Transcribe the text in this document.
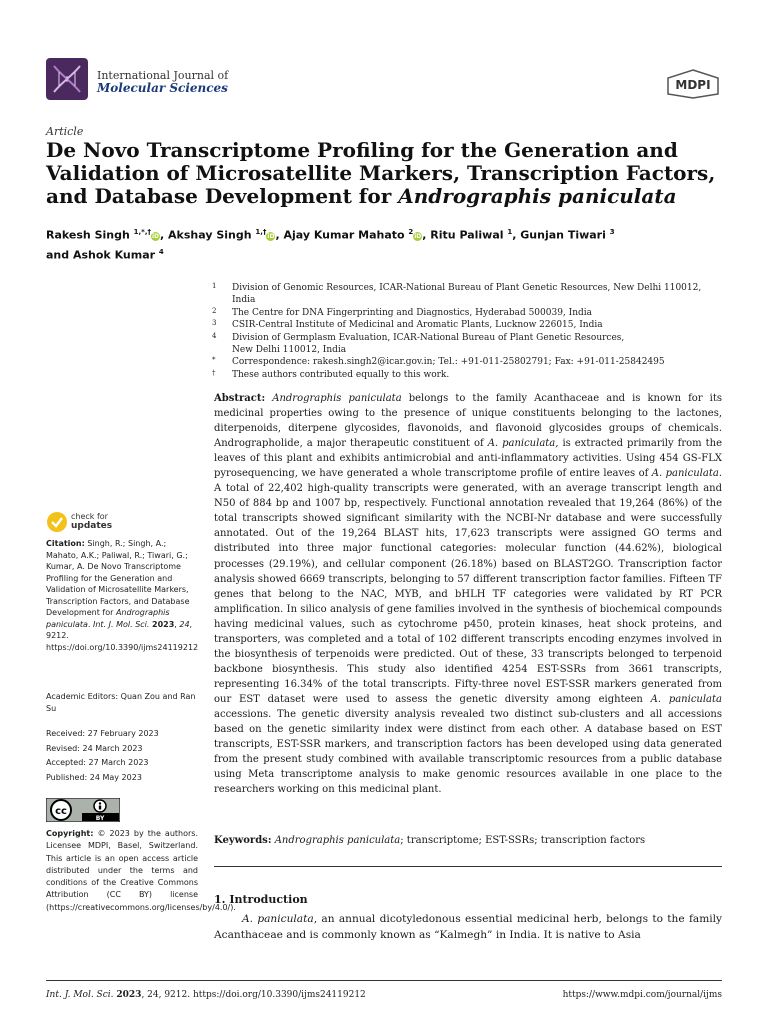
International Journal of
Molecular Sciences	MDPI
Article
De Novo Transcriptome Profiling for the Generation and Validation of Microsatellite Markers, Transcription Factors, and Database Development for Andrographis paniculata
Rakesh Singh $^{1,*,\dagger}$iD, Akshay Singh $^{1,\dagger}$iD, Ajay Kumar Mahato $^2$iD, Ritu Paliwal $^1$, Gunjan Tiwari $^3$
and Ashok Kumar $^4$
1 Division of Genomic Resources, ICAR-National Bureau of Plant Genetic Resources, New Delhi 110012, India
2 The Centre for DNA Fingerprinting and Diagnostics, Hyderabad 500039, India
3 CSIR-Central Institute of Medicinal and Aromatic Plants, Lucknow 226015, India
4 Division of Germplasm Evaluation, ICAR-National Bureau of Plant Genetic Resources,
New Delhi 110012, India
* Correspondence: rakesh.singh2@icar.gov.in; Tel.: +91-011-25802791; Fax: +91-011-25842495
† These authors contributed equally to this work.
Abstract: Andrographis paniculata belongs to the family Acanthaceae and is known for its medicinal properties owing to the presence of unique constituents belonging to the lactones, diterpenoids, diterpene glycosides, flavonoids, and flavonoid glycosides groups of chemicals. Andrographolide, a major therapeutic constituent of A. paniculata, is extracted primarily from the leaves of this plant and exhibits antimicrobial and anti-inflammatory activities. Using 454 GS-FLX pyrosequencing, we have generated a whole transcriptome profile of entire leaves of A. paniculata. A total of 22,402 high-quality transcripts were generated, with an average transcript length and N50 of 884 bp and 1007 bp, respectively. Functional annotation revealed that 19,264 (86%) of the total transcripts showed significant similarity with the NCBI-Nr database and were successfully annotated. Out of the 19,264 BLAST hits, 17,623 transcripts were assigned GO terms and distributed into three major functional categories: molecular function (44.62%), biological processes (29.19%), and cellular component (26.18%) based on BLAST2GO. Transcription factor analysis showed 6669 transcripts, belonging to 57 different transcription factor families. Fifteen TF genes that belong to the NAC, MYB, and bHLH TF categories were validated by RT PCR amplification. In silico analysis of gene families involved in the synthesis of biochemical compounds having medicinal values, such as cytochrome p450, protein kinases, heat shock proteins, and transporters, was completed and a total of 102 different transcripts encoding enzymes involved in the biosynthesis of terpenoids were predicted. Out of these, 33 transcripts belonged to terpenoid backbone biosynthesis. This study also identified 4254 EST-SSRs from 3661 transcripts, representing 16.34% of the total transcripts. Fifty-three novel EST-SSR markers generated from our EST dataset were used to assess the genetic diversity among eighteen A. paniculata accessions. The genetic diversity analysis revealed two distinct sub-clusters and all accessions based on the genetic similarity index were distinct from each other. A database based on EST transcripts, EST-SSR markers, and transcription factors has been developed using data generated from the present study combined with available transcriptomic resources from a public database using Meta transcriptome analysis to make genomic resources available in one place to the researchers working on this medicinal plant.
Keywords: Andrographis paniculata; transcriptome; EST-SSRs; transcription factors
1. Introduction
A. paniculata, an annual dicotyledonous essential medicinal herb, belongs to the family Acanthaceae and is commonly known as “Kalmegh” in India. It is native to Asia
check for
updates
Citation: Singh, R.; Singh, A.; Mahato, A.K.; Paliwal, R.; Tiwari, G.; Kumar, A. De Novo Transcriptome Profiling for the Generation and Validation of Microsatellite Markers, Transcription Factors, and Database Development for Andrographis paniculata. Int. J. Mol. Sci. 2023, 24, 9212. https://doi.org/10.3390/ijms24119212
Academic Editors: Quan Zou and Ran Su
Received: 27 February 2023
Revised: 24 March 2023
Accepted: 27 March 2023
Published: 24 May 2023
cc
BY
Copyright: © 2023 by the authors. Licensee MDPI, Basel, Switzerland. This article is an open access article distributed under the terms and conditions of the Creative Commons Attribution (CC BY) license (https://creativecommons.org/licenses/by/4.0/).
Int. J. Mol. Sci. 2023, 24, 9212. https://doi.org/10.3390/ijms24119212	https://www.mdpi.com/journal/ijms
